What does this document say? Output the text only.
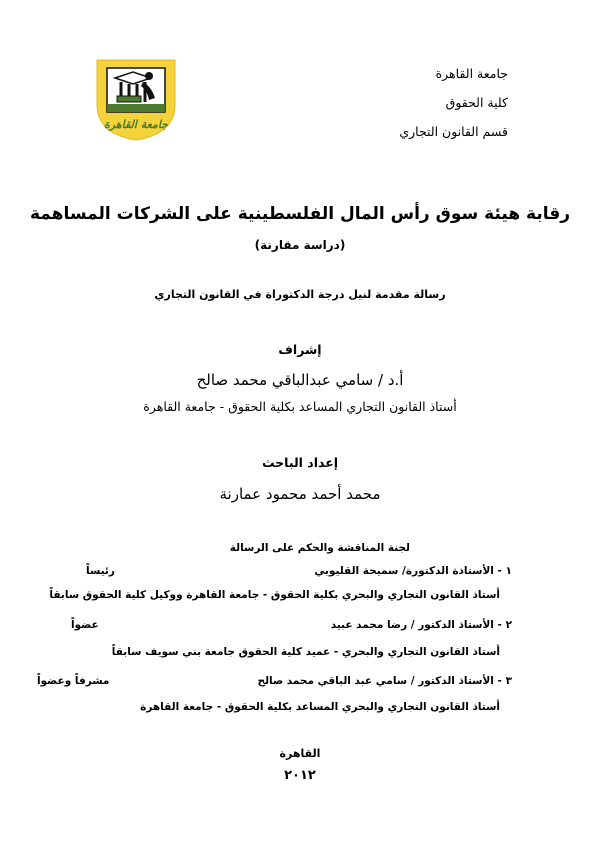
جامعة القاهرة
كلية الحقوق
قسم القانون التجاري
جامعة القاهرة
رقابة هيئة سوق رأس المال الفلسطينية على الشركات المساهمة
(دراسة مقارنة)
رسالة مقدمة لنيل درجة الدكتوراة في القانون التجاري
إشراف
أ.د / سامي عبدالباقي محمد صالح
أستاذ القانون التجاري المساعد بكلية الحقوق - جامعة القاهرة
إعداد الباحث
محمد أحمد محمود عمارنة
لجنة المناقشة والحكم على الرسالة
١ - الأستاذة الدكتورة/ سميحة القليوبي
رئيساً
أستاذ القانون التجاري والبحري بكلية الحقوق - جامعة القاهرة ووكيل كلية الحقوق سابقاً
٢ - الأستاذ الدكتور / رضا محمد عبيد
عضواً
أستاذ القانون التجاري والبحري - عميد كلية الحقوق جامعة بني سويف سابقاً
٣ - الأستاذ الدكتور / سامي عبد الباقي محمد صالح
مشرفاً وعضواً
أستاذ القانون التجاري والبحري المساعد بكلية الحقوق - جامعة القاهرة
القاهرة
٢٠١٢
